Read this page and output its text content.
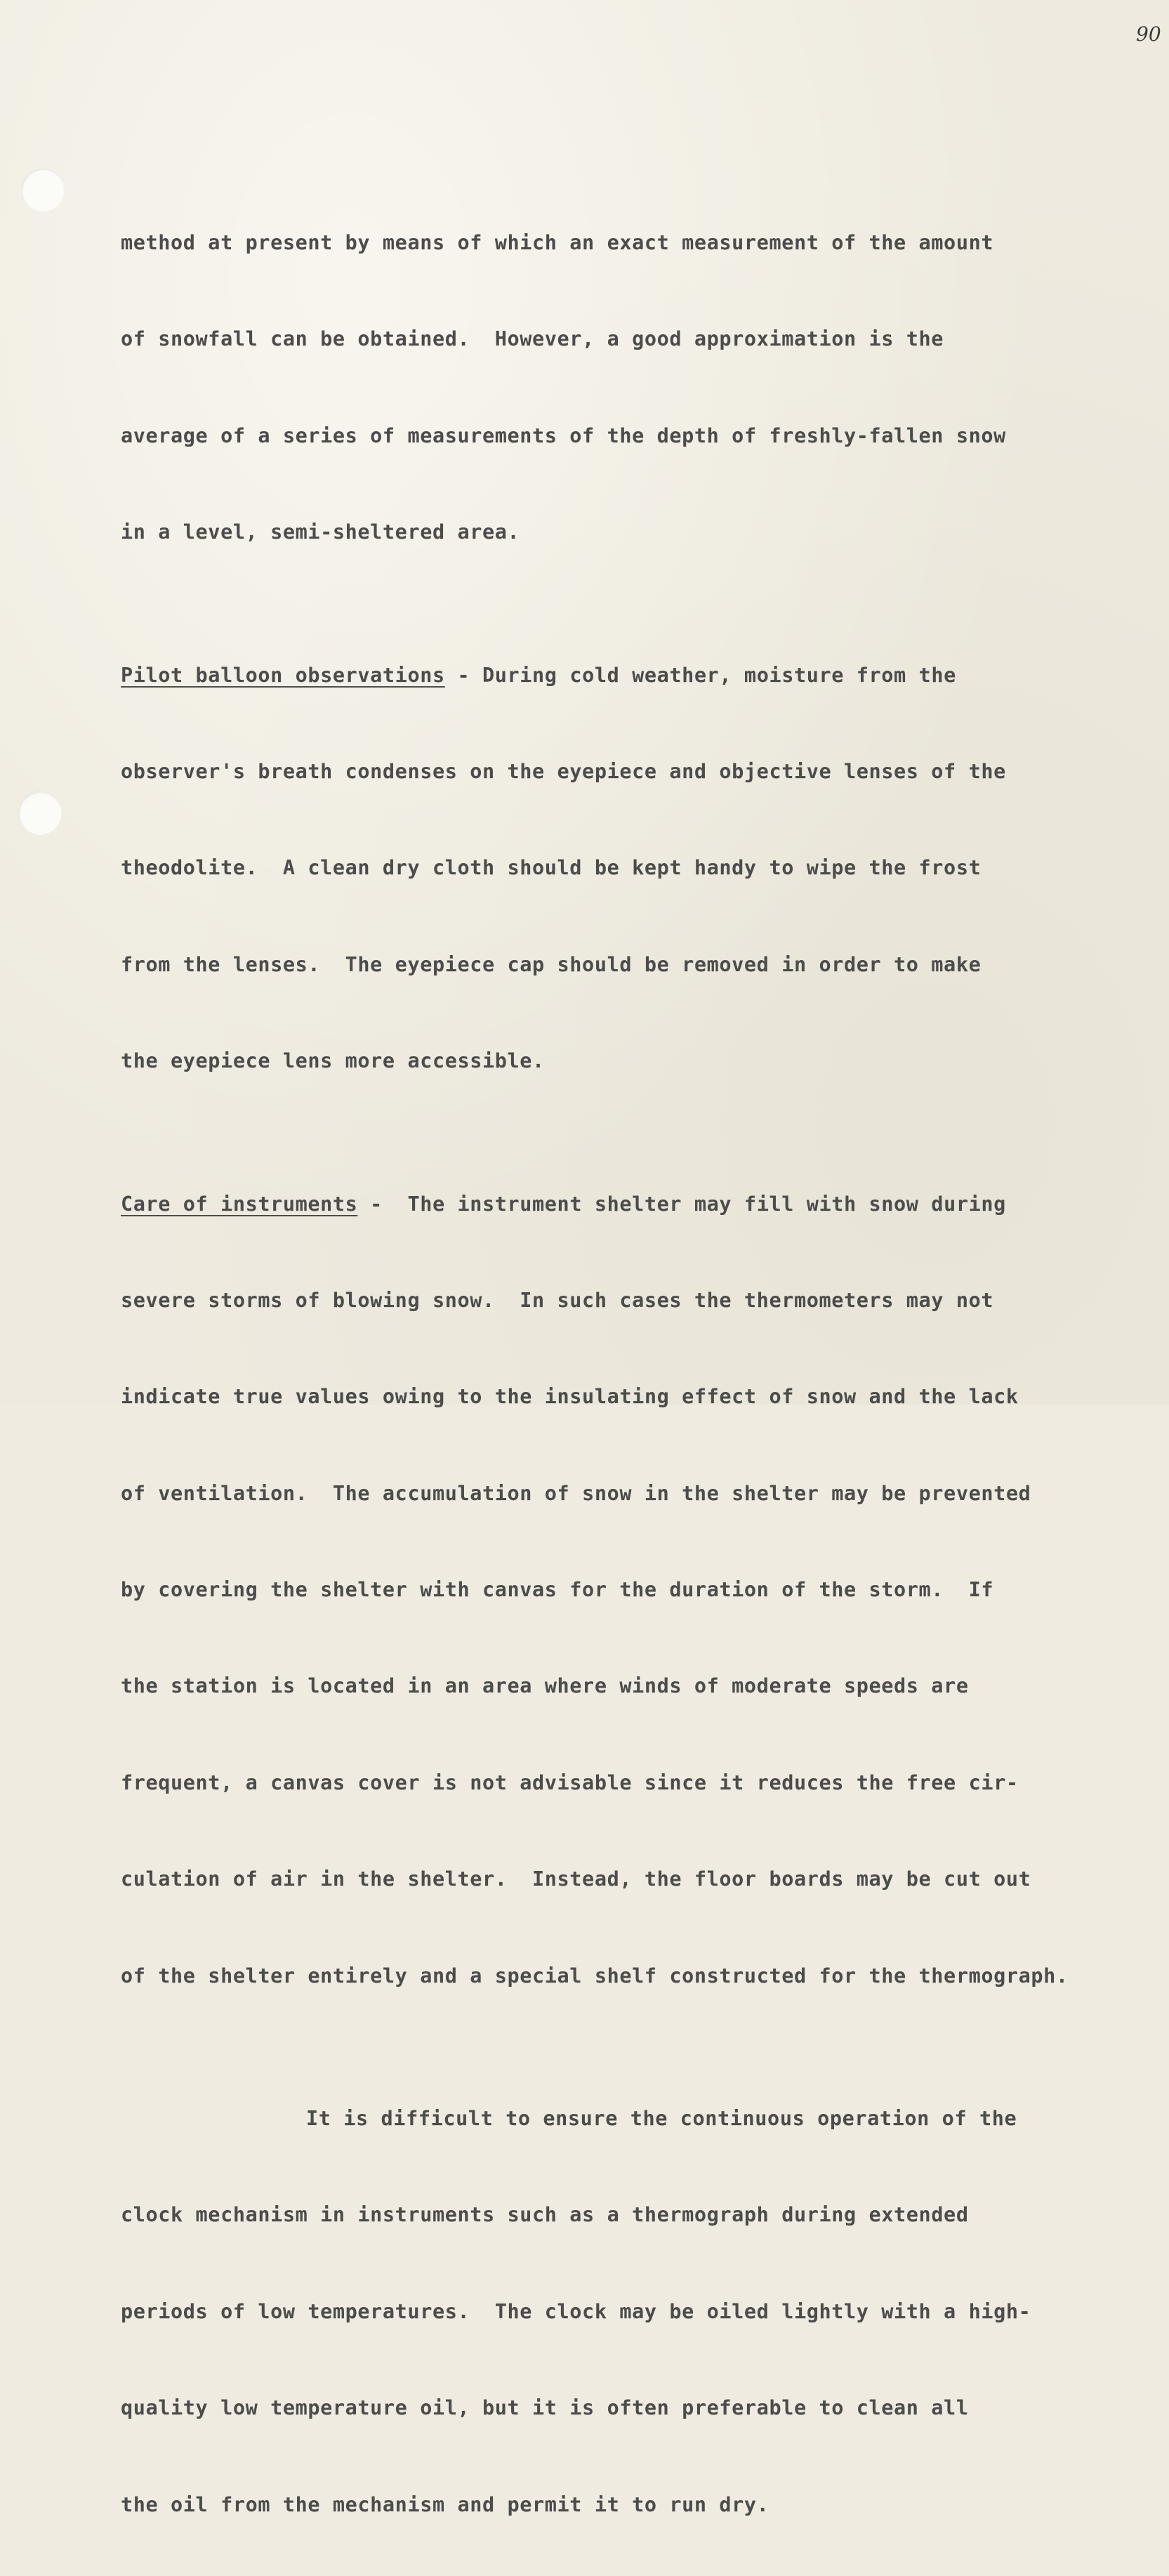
90

method at present by means of which an exact measurement of the amount

of snowfall can be obtained.  However, a good approximation is the

average of a series of measurements of the depth of freshly-fallen snow

in a level, semi-sheltered area.

Pilot balloon observations - During cold weather, moisture from the

observer's breath condenses on the eyepiece and objective lenses of the

theodolite.  A clean dry cloth should be kept handy to wipe the frost

from the lenses.  The eyepiece cap should be removed in order to make

the eyepiece lens more accessible.

Care of instruments -  The instrument shelter may fill with snow during

severe storms of blowing snow.  In such cases the thermometers may not

indicate true values owing to the insulating effect of snow and the lack

of ventilation.  The accumulation of snow in the shelter may be prevented

by covering the shelter with canvas for the duration of the storm.  If

the station is located in an area where winds of moderate speeds are

frequent, a canvas cover is not advisable since it reduces the free cir-

culation of air in the shelter.  Instead, the floor boards may be cut out

of the shelter entirely and a special shelf constructed for the thermograph.

It is difficult to ensure the continuous operation of the

clock mechanism in instruments such as a thermograph during extended

periods of low temperatures.  The clock may be oiled lightly with a high-

quality low temperature oil, but it is often preferable to clean all

the oil from the mechanism and permit it to run dry.
